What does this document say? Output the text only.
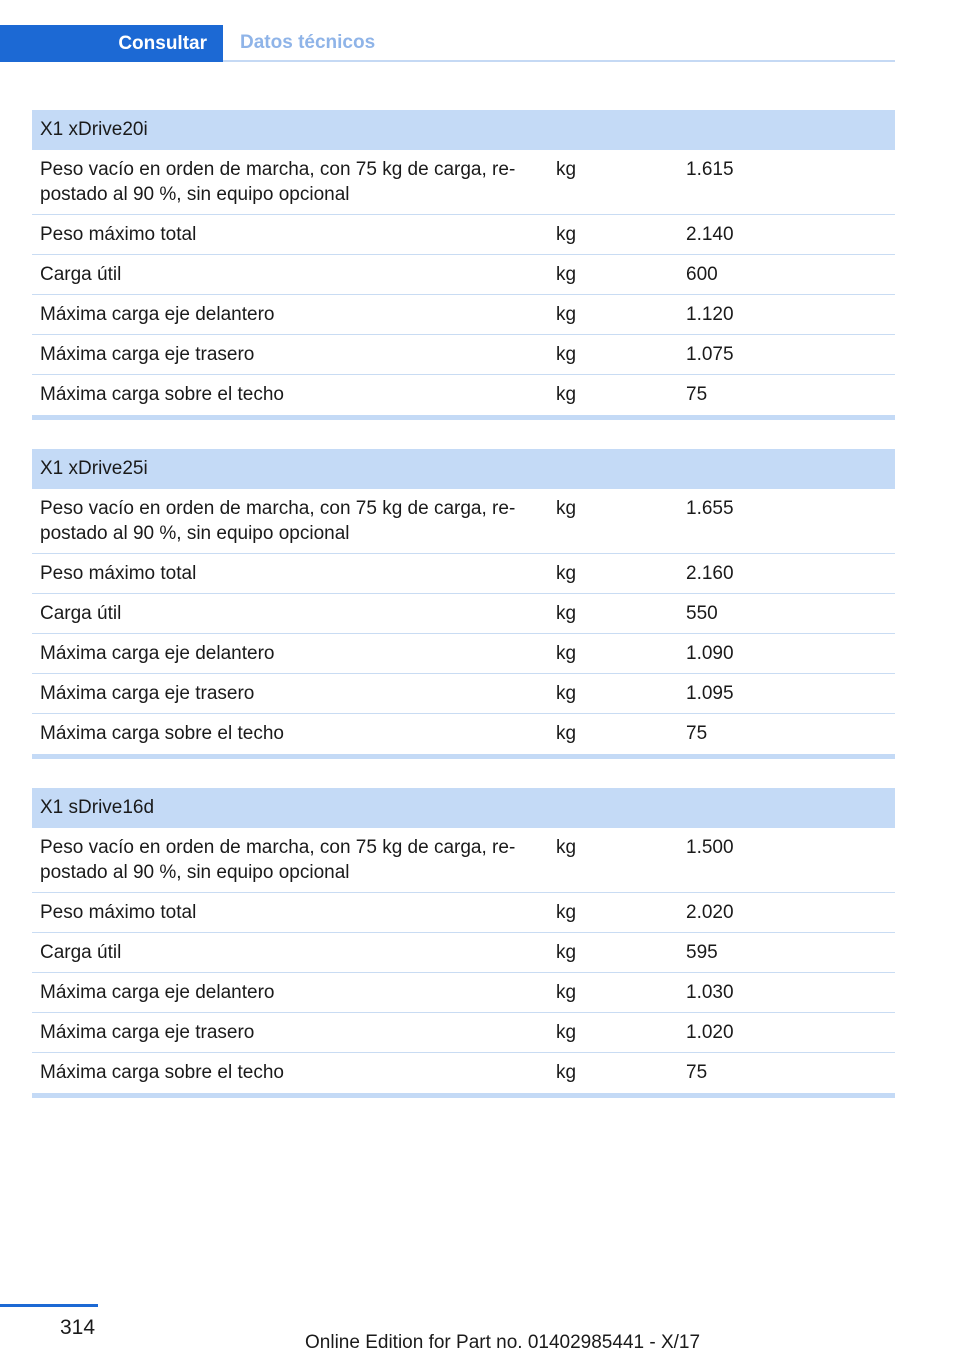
Consultar	Datos técnicos
X1 xDrive20i
Peso vacío en orden de marcha, con 75 kg de carga, re-
postado al 90 %, sin equipo opcional
kg	1.615
Peso máximo total	kg	2.140
Carga útil	kg	600
Máxima carga eje delantero	kg	1.120
Máxima carga eje trasero	kg	1.075
Máxima carga sobre el techo	kg	75
X1 xDrive25i
Peso vacío en orden de marcha, con 75 kg de carga, re-
postado al 90 %, sin equipo opcional
kg	1.655
Peso máximo total	kg	2.160
Carga útil	kg	550
Máxima carga eje delantero	kg	1.090
Máxima carga eje trasero	kg	1.095
Máxima carga sobre el techo	kg	75
X1 sDrive16d
Peso vacío en orden de marcha, con 75 kg de carga, re-
postado al 90 %, sin equipo opcional
kg	1.500
Peso máximo total	kg	2.020
Carga útil	kg	595
Máxima carga eje delantero	kg	1.030
Máxima carga eje trasero	kg	1.020
Máxima carga sobre el techo	kg	75
314
Online Edition for Part no. 01402985441 - X/17
